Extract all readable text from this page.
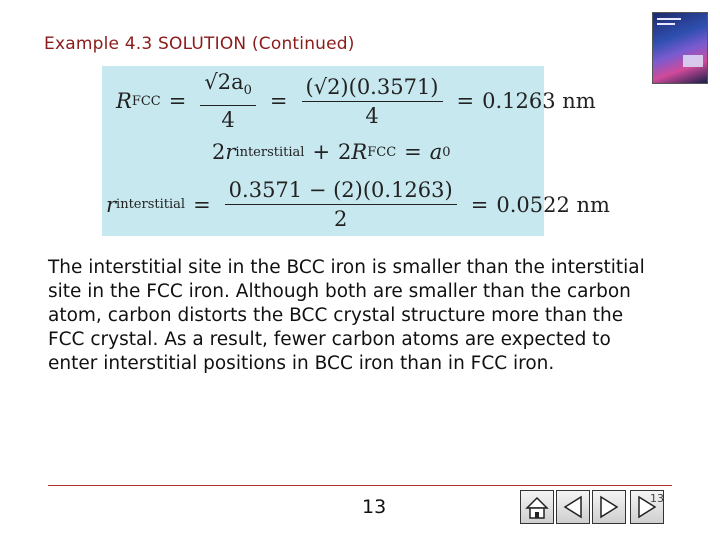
Example 4.3 SOLUTION (Continued)
R FCC = $\frac{√2a_0}{4} = \frac{(√2)(0.3571)}{4} = 0.1263$ nm
2 r interstitial + 2 R FCC = a 0
r interstitial = $\frac{0.3571 - (2)(0.1263)}{2} = 0.0522$ nm
The interstitial site in the BCC iron is smaller than the interstitial site in the FCC iron. Although both are smaller than the carbon atom, carbon distorts the BCC crystal structure more than the FCC crystal. As a result, fewer carbon atoms are expected to enter interstitial positions in BCC iron than in FCC iron.
13	13
